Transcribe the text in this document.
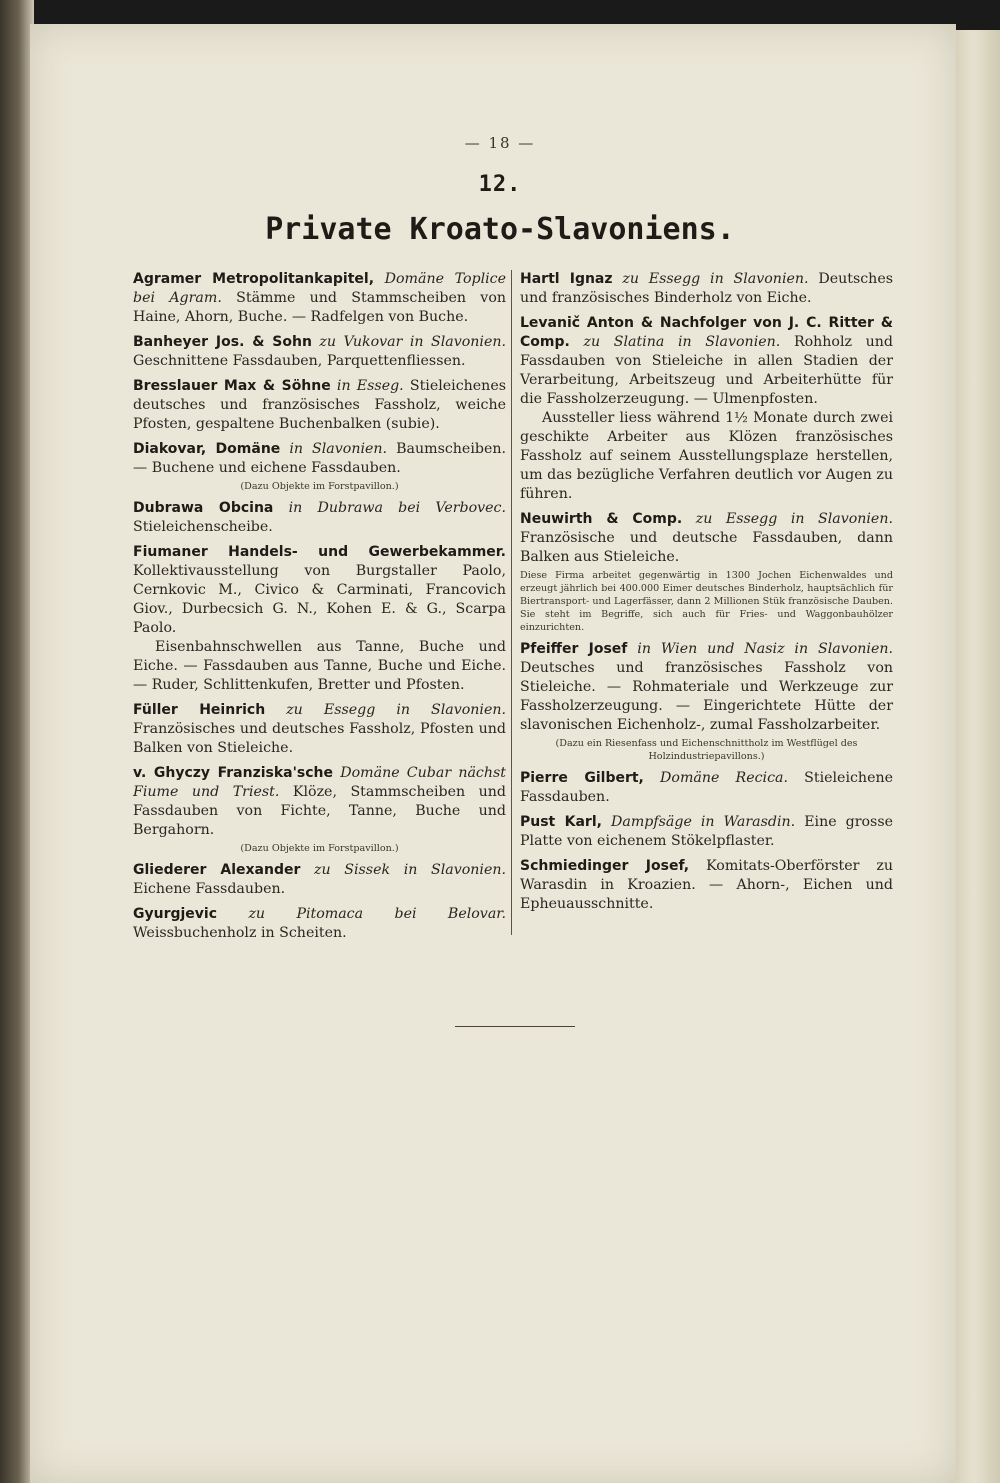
— 18 —
12.
Private Kroato-Slavoniens.
Agramer Metropolitankapitel, Domäne Toplice bei Agram. Stämme und Stammscheiben von Haine, Ahorn, Buche. — Radfelgen von Buche.
Banheyer Jos. & Sohn zu Vukovar in Slavonien. Geschnittene Fassdauben, Parquettenfliessen.
Bresslauer Max & Söhne in Esseg. Stieleichenes deutsches und französisches Fassholz, weiche Pfosten, gespaltene Buchenbalken (subie).
Diakovar, Domäne in Slavonien. Baumscheiben. — Buchene und eichene Fassdauben.
(Dazu Objekte im Forstpavillon.)
Dubrawa Obcina in Dubrawa bei Verbovec. Stieleichenscheibe.
Fiumaner Handels- und Gewerbekammer. Kollektivausstellung von Burgstaller Paolo, Cernkovic M., Civico & Carminati, Francovich Giov., Durbecsich G. N., Kohen E. & G., Scarpa Paolo.
Eisenbahnschwellen aus Tanne, Buche und Eiche. — Fassdauben aus Tanne, Buche und Eiche. — Ruder, Schlittenkufen, Bretter und Pfosten.
Füller Heinrich zu Essegg in Slavonien. Französisches und deutsches Fassholz, Pfosten und Balken von Stieleiche.
v. Ghyczy Franziska'sche Domäne Cubar nächst Fiume und Triest. Klöze, Stammscheiben und Fassdauben von Fichte, Tanne, Buche und Bergahorn.
(Dazu Objekte im Forstpavillon.)
Gliederer Alexander zu Sissek in Slavonien. Eichene Fassdauben.
Gyurgjevic zu Pitomaca bei Belovar. Weissbuchenholz in Scheiten.
Hartl Ignaz zu Essegg in Slavonien. Deutsches und französisches Binderholz von Eiche.
Levanič Anton & Nachfolger von J. C. Ritter & Comp. zu Slatina in Slavonien. Rohholz und Fassdauben von Stieleiche in allen Stadien der Verarbeitung, Arbeitszeug und Arbeiterhütte für die Fassholzerzeugung. — Ulmenpfosten.
Aussteller liess während 1½ Monate durch zwei geschikte Arbeiter aus Klözen französisches Fassholz auf seinem Ausstellungsplaze herstellen, um das bezügliche Verfahren deutlich vor Augen zu führen.
Neuwirth & Comp. zu Essegg in Slavonien. Französische und deutsche Fassdauben, dann Balken aus Stieleiche.
Diese Firma arbeitet gegenwärtig in 1300 Jochen Eichenwaldes und erzeugt jährlich bei 400.000 Eimer deutsches Binderholz, hauptsächlich für Biertransport- und Lagerfässer, dann 2 Millionen Stük französische Dauben. Sie steht im Begriffe, sich auch für Fries- und Waggonbauhölzer einzurichten.
Pfeiffer Josef in Wien und Nasiz in Slavonien. Deutsches und französisches Fassholz von Stieleiche. — Rohmateriale und Werkzeuge zur Fassholzerzeugung. — Eingerichtete Hütte der slavonischen Eichenholz-, zumal Fassholzarbeiter.
(Dazu ein Riesenfass und Eichenschnittholz im Westflügel des Holzindustriepavillons.)
Pierre Gilbert, Domäne Recica. Stieleichene Fassdauben.
Pust Karl, Dampfsäge in Warasdin. Eine grosse Platte von eichenem Stökelpflaster.
Schmiedinger Josef, Komitats-Oberförster zu Warasdin in Kroazien. — Ahorn-, Eichen und Epheuausschnitte.
